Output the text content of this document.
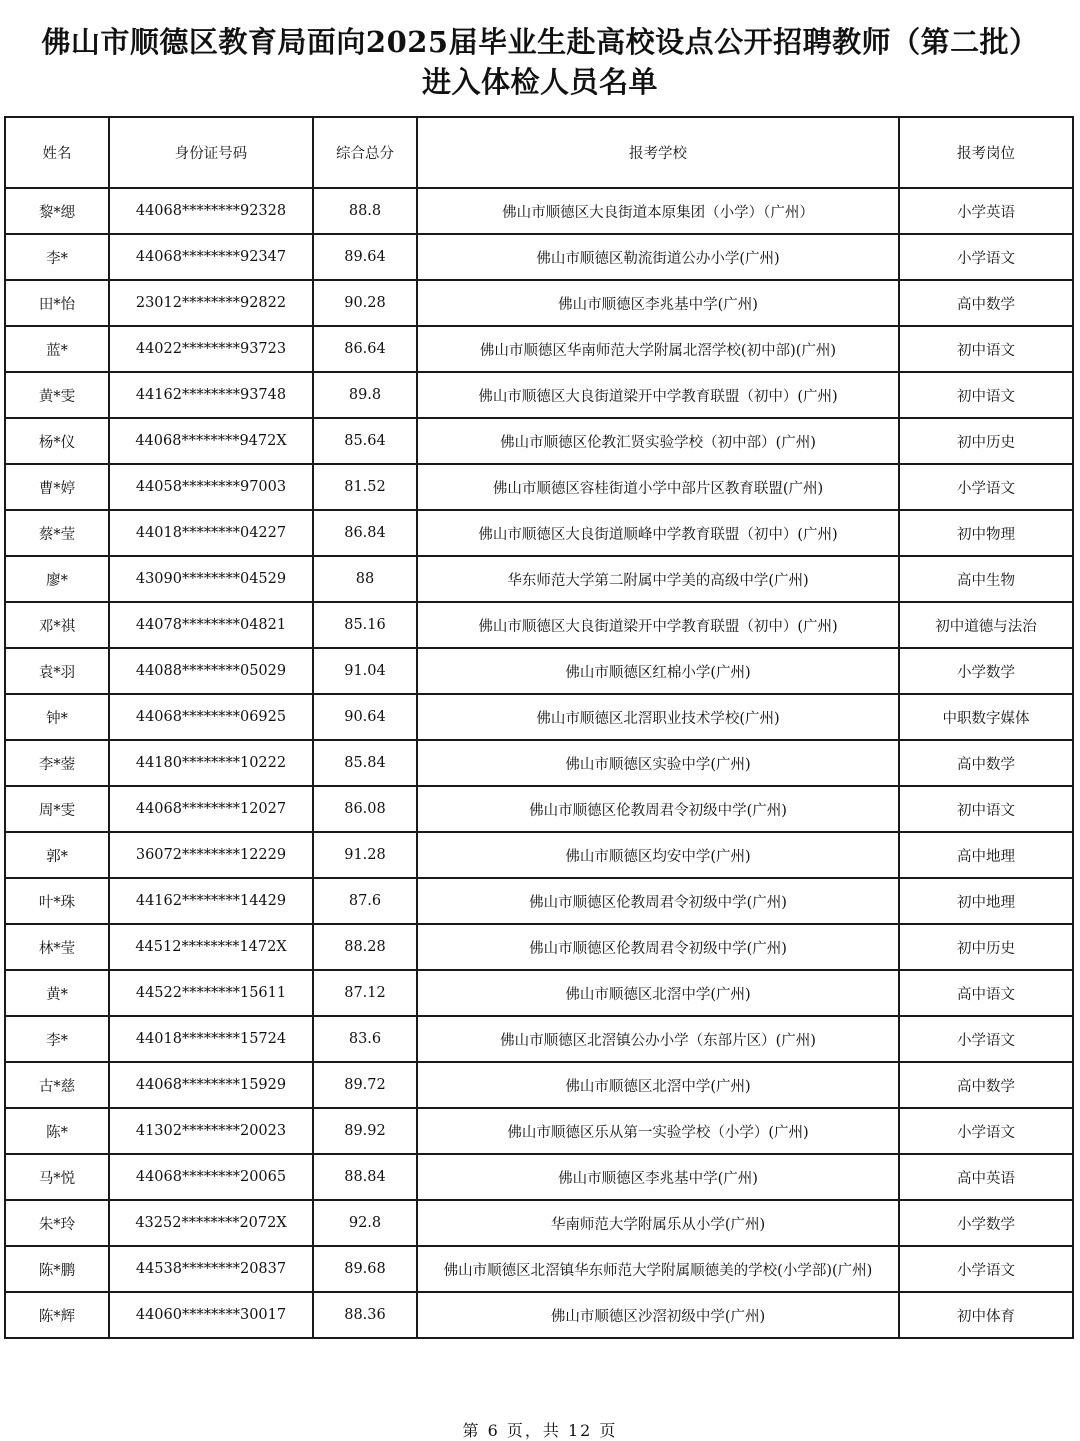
佛山市顺德区教育局面向2025届毕业生赴高校设点公开招聘教师（第二批）
进入体检人员名单
姓名	身份证号码	综合总分	报考学校	报考岗位
黎*缌	44068********92328	88.8	佛山市顺德区大良街道本原集团（小学）（广州）	小学英语
李*	44068********92347	89.64	佛山市顺德区勒流街道公办小学(广州)	小学语文
田*怡	23012********92822	90.28	佛山市顺德区李兆基中学(广州)	高中数学
蓝*	44022********93723	86.64	佛山市顺德区华南师范大学附属北滘学校(初中部)(广州)	初中语文
黄*雯	44162********93748	89.8	佛山市顺德区大良街道梁开中学教育联盟（初中）(广州)	初中语文
杨*仪	44068********9472X	85.64	佛山市顺德区伦教汇贤实验学校（初中部）(广州)	初中历史
曹*婷	44058********97003	81.52	佛山市顺德区容桂街道小学中部片区教育联盟(广州)	小学语文
蔡*莹	44018********04227	86.84	佛山市顺德区大良街道顺峰中学教育联盟（初中）(广州)	初中物理
廖*	43090********04529	88	华东师范大学第二附属中学美的高级中学(广州)	高中生物
邓*祺	44078********04821	85.16	佛山市顺德区大良街道梁开中学教育联盟（初中）(广州)	初中道德与法治
袁*羽	44088********05029	91.04	佛山市顺德区红棉小学(广州)	小学数学
钟*	44068********06925	90.64	佛山市顺德区北滘职业技术学校(广州)	中职数字媒体
李*蓥	44180********10222	85.84	佛山市顺德区实验中学(广州)	高中数学
周*雯	44068********12027	86.08	佛山市顺德区伦教周君令初级中学(广州)	初中语文
郭*	36072********12229	91.28	佛山市顺德区均安中学(广州)	高中地理
叶*珠	44162********14429	87.6	佛山市顺德区伦教周君令初级中学(广州)	初中地理
林*莹	44512********1472X	88.28	佛山市顺德区伦教周君令初级中学(广州)	初中历史
黄*	44522********15611	87.12	佛山市顺德区北滘中学(广州)	高中语文
李*	44018********15724	83.6	佛山市顺德区北滘镇公办小学（东部片区）(广州)	小学语文
古*慈	44068********15929	89.72	佛山市顺德区北滘中学(广州)	高中数学
陈*	41302********20023	89.92	佛山市顺德区乐从第一实验学校（小学）(广州)	小学语文
马*悦	44068********20065	88.84	佛山市顺德区李兆基中学(广州)	高中英语
朱*玲	43252********2072X	92.8	华南师范大学附属乐从小学(广州)	小学数学
陈*鹏	44538********20837	89.68	佛山市顺德区北滘镇华东师范大学附属顺德美的学校(小学部)(广州)	小学语文
陈*辉	44060********30017	88.36	佛山市顺德区沙滘初级中学(广州)	初中体育
第 6 页，共 12 页
